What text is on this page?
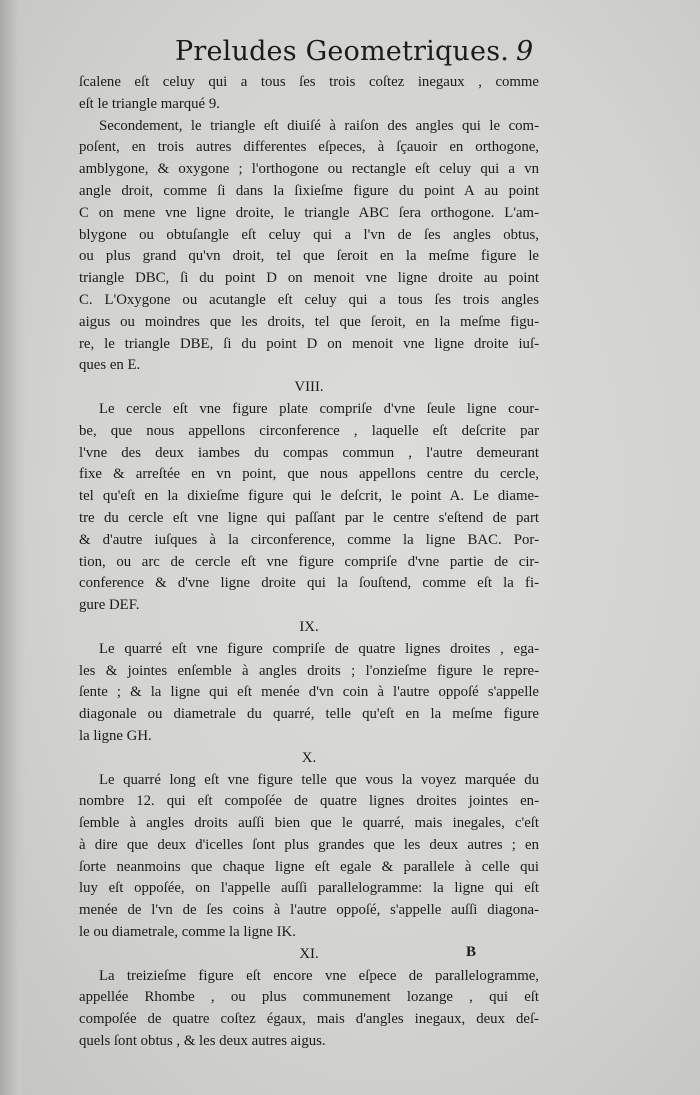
Preludes Geometriques. 9
ſcalene eſt celuy qui a tous ſes trois coſtez inegaux , comme
eſt le triangle marqué 9.
Secondement, le triangle eſt diuiſé à raiſon des angles qui le com-
poſent, en trois autres differentes eſpeces, à ſçauoir en orthogone,
amblygone, & oxygone ; l'orthogone ou rectangle eſt celuy qui a vn
angle droit, comme ſi dans la ſixieſme figure du point A au point
C on mene vne ligne droite, le triangle ABC ſera orthogone. L'am-
blygone ou obtuſangle eſt celuy qui a l'vn de ſes angles obtus,
ou plus grand qu'vn droit, tel que ſeroit en la meſme figure le
triangle DBC, ſi du point D on menoit vne ligne droite au point
C. L'Oxygone ou acutangle eſt celuy qui a tous ſes trois angles
aigus ou moindres que les droits, tel que ſeroit, en la meſme figu-
re, le triangle DBE, ſi du point D on menoit vne ligne droite iuſ-
ques en E.
VIII.
Le cercle eſt vne figure plate compriſe d'vne ſeule ligne cour-
be, que nous appellons circonference , laquelle eſt deſcrite par
l'vne des deux iambes du compas commun , l'autre demeurant
fixe & arreſtée en vn point, que nous appellons centre du cercle,
tel qu'eſt en la dixieſme figure qui le deſcrit, le point A. Le diame-
tre du cercle eſt vne ligne qui paſſant par le centre s'eſtend de part
& d'autre iuſques à la circonference, comme la ligne BAC. Por-
tion, ou arc de cercle eſt vne figure compriſe d'vne partie de cir-
conference & d'vne ligne droite qui la ſouſtend, comme eſt la fi-
gure DEF.
IX.
Le quarré eſt vne figure compriſe de quatre lignes droites , ega-
les & jointes enſemble à angles droits ; l'onzieſme figure le repre-
ſente ; & la ligne qui eſt menée d'vn coin à l'autre oppoſé s'appelle
diagonale ou diametrale du quarré, telle qu'eſt en la meſme figure
la ligne GH.
X.
Le quarré long eſt vne figure telle que vous la voyez marquée du
nombre 12. qui eſt compoſée de quatre lignes droites jointes en-
ſemble à angles droits auſſi bien que le quarré, mais inegales, c'eſt
à dire que deux d'icelles ſont plus grandes que les deux autres ; en
ſorte neanmoins que chaque ligne eſt egale & parallele à celle qui
luy eſt oppoſée, on l'appelle auſſi parallelogramme: la ligne qui eſt
menée de l'vn de ſes coins à l'autre oppoſé, s'appelle auſſi diagona-
le ou diametrale, comme la ligne IK.
XI.
La treizieſme figure eſt encore vne eſpece de parallelogramme,
appellée Rhombe , ou plus communement lozange , qui eſt
compoſée de quatre coſtez égaux, mais d'angles inegaux, deux deſ-
quels ſont obtus , & les deux autres aigus.
B
